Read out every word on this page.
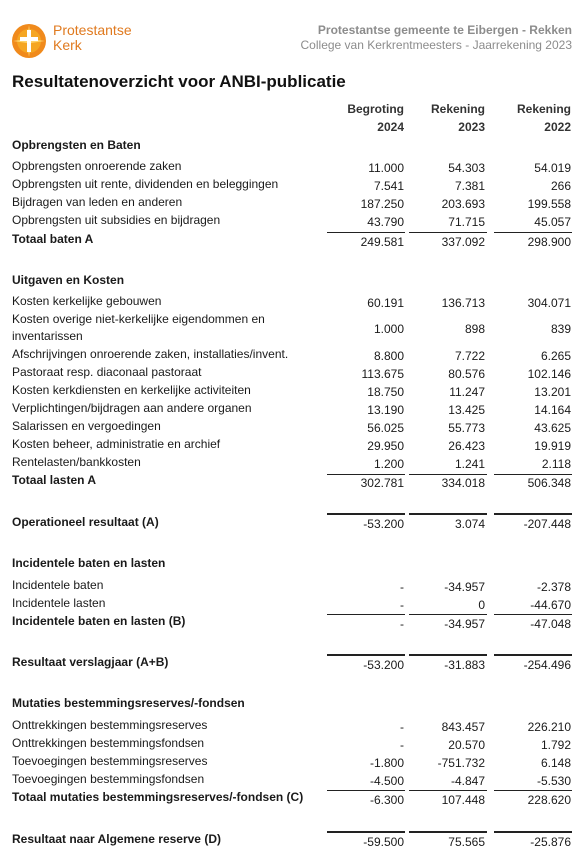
Protestantse
Kerk
Protestantse gemeente te Eibergen - Rekken
College van Kerkrentmeesters - Jaarrekening 2023
Resultatenoverzicht voor ANBI-publicatie
Begroting	Rekening	Rekening
2024	2023	2022
Opbrengsten en Baten
Opbrengsten onroerende zaken	11.000	54.303	54.019
Opbrengsten uit rente, dividenden en beleggingen	7.541	7.381	266
Bijdragen van leden en anderen	187.250	203.693	199.558
Opbrengsten uit subsidies en bijdragen	43.790	71.715	45.057
Totaal baten A	249.581	337.092	298.900
Uitgaven en Kosten
Kosten kerkelijke gebouwen	60.191	136.713	304.071
Kosten overige niet-kerkelijke eigendommen en
inventarissen	1.000	898	839
Afschrijvingen onroerende zaken, installaties/invent.	8.800	7.722	6.265
Pastoraat resp. diaconaal pastoraat	113.675	80.576	102.146
Kosten kerkdiensten en kerkelijke activiteiten	18.750	11.247	13.201
Verplichtingen/bijdragen aan andere organen	13.190	13.425	14.164
Salarissen en vergoedingen	56.025	55.773	43.625
Kosten beheer, administratie en archief	29.950	26.423	19.919
Rentelasten/bankkosten	1.200	1.241	2.118
Totaal lasten A	302.781	334.018	506.348
Operationeel resultaat (A)	-53.200	3.074	-207.448
Incidentele baten en lasten
Incidentele baten	-	-34.957	-2.378
Incidentele lasten	-	0	-44.670
Incidentele baten en lasten (B)	-	-34.957	-47.048
Resultaat verslagjaar (A+B)	-53.200	-31.883	-254.496
Mutaties bestemmingsreserves/-fondsen
Onttrekkingen bestemmingsreserves	-	843.457	226.210
Onttrekkingen bestemmingsfondsen	-	20.570	1.792
Toevoegingen bestemmingsreserves	-1.800	-751.732	6.148
Toevoegingen bestemmingsfondsen	-4.500	-4.847	-5.530
Totaal mutaties bestemmingsreserves/-fondsen (C)	-6.300	107.448	228.620
Resultaat naar Algemene reserve (D)	-59.500	75.565	-25.876
